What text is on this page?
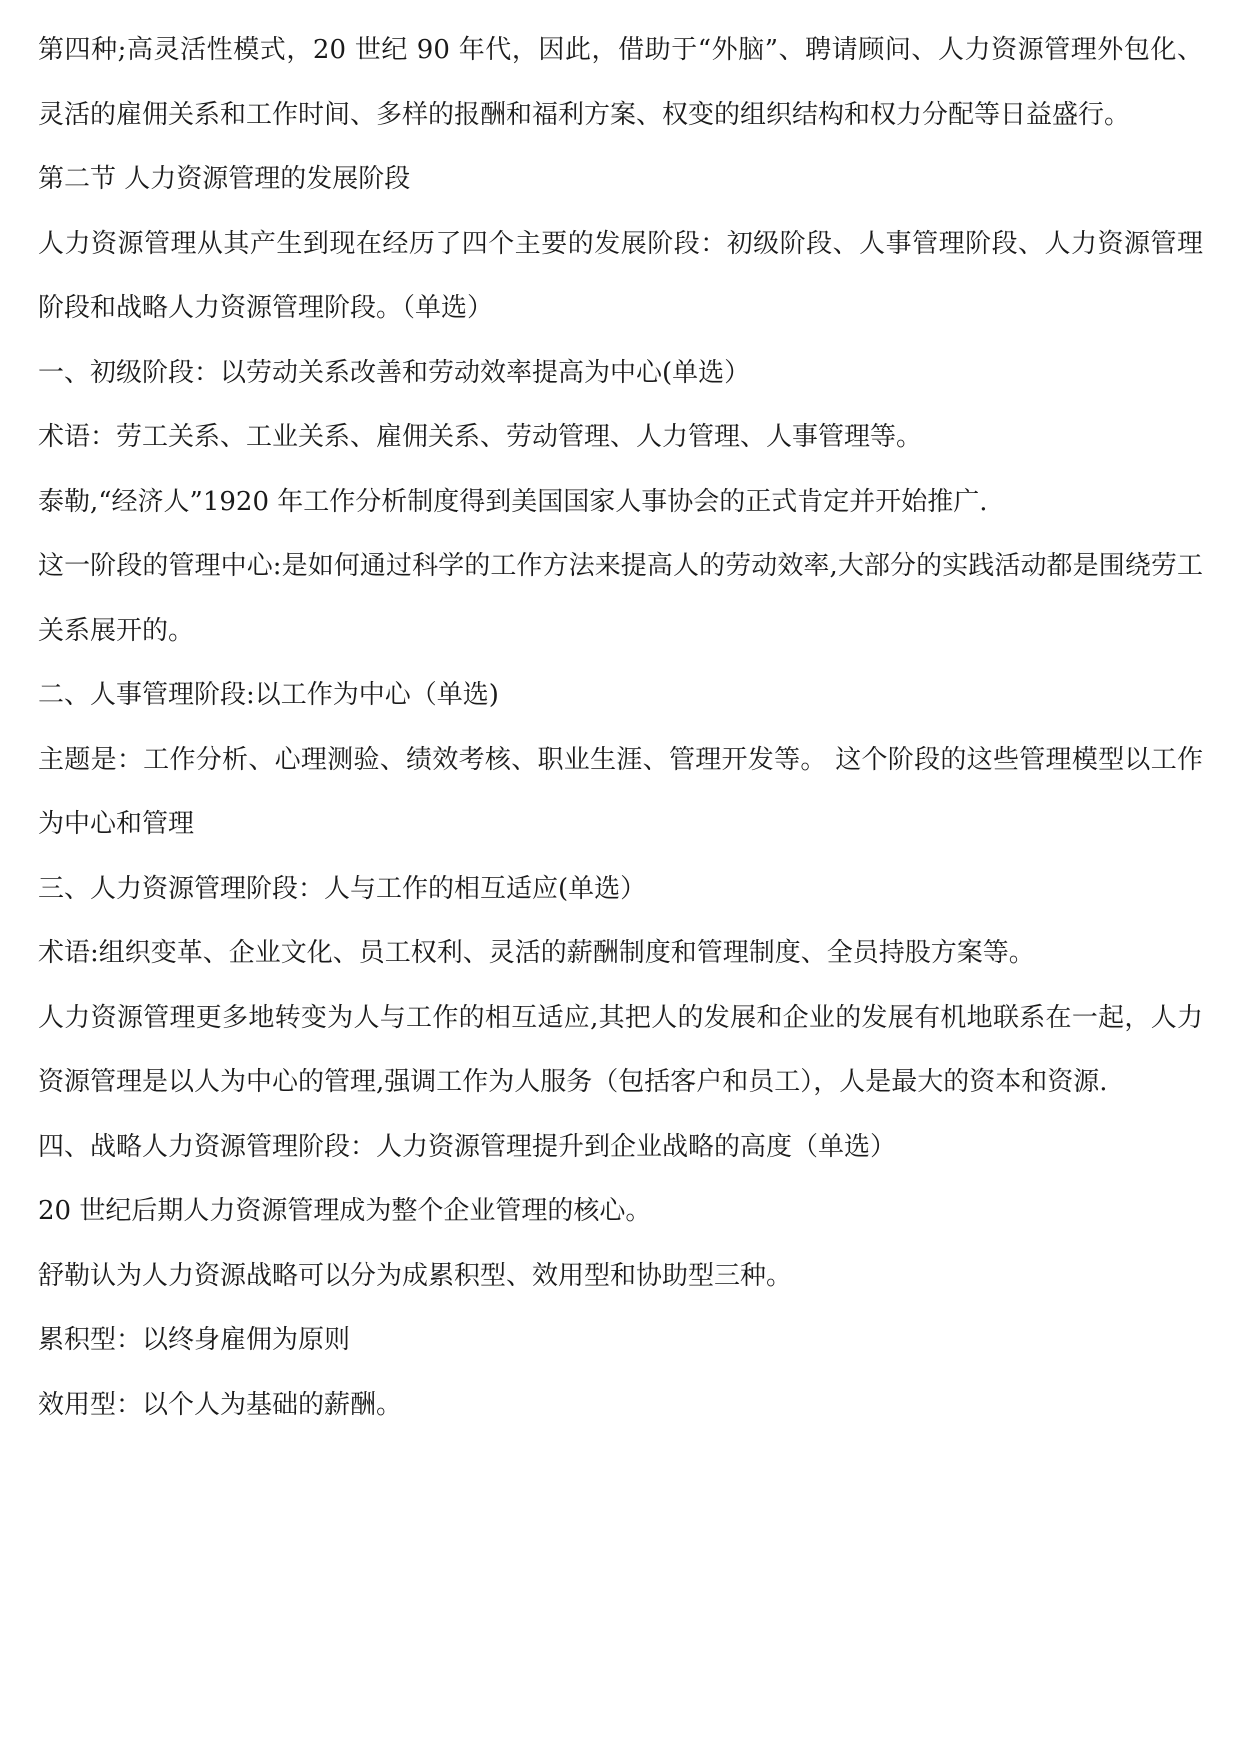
第四种;高灵活性模式，20 世纪 90 年代，因此，借助于“外脑”、聘请顾问、人力资源管理外包化、灵活的雇佣关系和工作时间、多样的报酬和福利方案、权变的组织结构和权力分配等日益盛行。

第二节 人力资源管理的发展阶段

人力资源管理从其产生到现在经历了四个主要的发展阶段：初级阶段、人事管理阶段、人力资源管理阶段和战略人力资源管理阶段。（单选）

一、初级阶段：以劳动关系改善和劳动效率提高为中心(单选）

术语：劳工关系、工业关系、雇佣关系、劳动管理、人力管理、人事管理等。

泰勒,“经济人”1920 年工作分析制度得到美国国家人事协会的正式肯定并开始推广.

这一阶段的管理中心:是如何通过科学的工作方法来提高人的劳动效率,大部分的实践活动都是围绕劳工关系展开的。

二、人事管理阶段:以工作为中心（单选)

主题是：工作分析、心理测验、绩效考核、职业生涯、管理开发等。 这个阶段的这些管理模型以工作为中心和管理

三、人力资源管理阶段：人与工作的相互适应(单选）

术语:组织变革、企业文化、员工权利、灵活的薪酬制度和管理制度、全员持股方案等。

人力资源管理更多地转变为人与工作的相互适应,其把人的发展和企业的发展有机地联系在一起，人力资源管理是以人为中心的管理,强调工作为人服务（包括客户和员工），人是最大的资本和资源.

四、战略人力资源管理阶段：人力资源管理提升到企业战略的高度（单选）

20 世纪后期人力资源管理成为整个企业管理的核心。

舒勒认为人力资源战略可以分为成累积型、效用型和协助型三种。

累积型：以终身雇佣为原则

效用型：以个人为基础的薪酬。
